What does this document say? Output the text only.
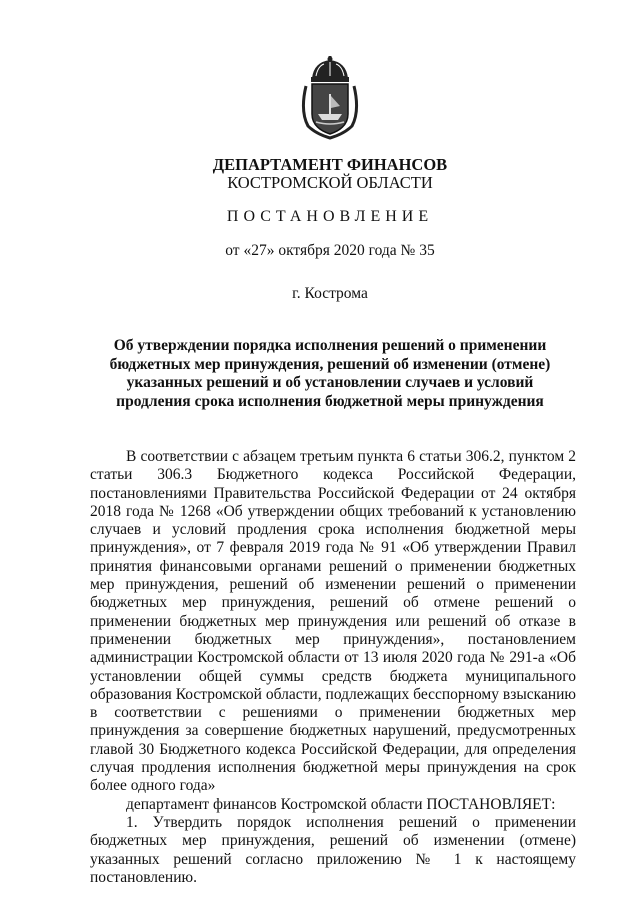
ДЕПАРТАМЕНТ ФИНАНСОВ
КОСТРОМСКОЙ ОБЛАСТИ
ПОСТАНОВЛЕНИЕ
от «27» октября 2020 года № 35
г. Кострома
Об утверждении порядка исполнения решений о применении бюджетных мер принуждения, решений об изменении (отмене) указанных решений и об установлении случаев и условий продления срока исполнения бюджетной меры принуждения

В соответствии с абзацем третьим пункта 6 статьи 306.2, пунктом 2 статьи 306.3 Бюджетного кодекса Российской Федерации, постановлениями Правительства Российской Федерации от 24 октября 2018 года № 1268 «Об утверждении общих требований к установлению случаев и условий продления срока исполнения бюджетной меры принуждения», от 7 февраля 2019 года № 91 «Об утверждении Правил принятия финансовыми органами решений о применении бюджетных мер принуждения, решений об изменении решений о применении бюджетных мер принуждения, решений об отмене решений о применении бюджетных мер принуждения или решений об отказе в применении бюджетных мер принуждения», постановлением администрации Костромской области от 13 июля 2020 года № 291-а «Об установлении общей суммы средств бюджета муниципального образования Костромской области, подлежащих бесспорному взысканию в соответствии с решениями о применении бюджетных мер принуждения за совершение бюджетных нарушений, предусмотренных главой 30 Бюджетного кодекса Российской Федерации, для определения случая продления исполнения бюджетной меры принуждения на срок более одного года»

департамент финансов Костромской области ПОСТАНОВЛЯЕТ:

1. Утвердить порядок исполнения решений о применении бюджетных мер принуждения, решений об изменении (отмене) указанных решений согласно приложению № 1 к настоящему постановлению.
